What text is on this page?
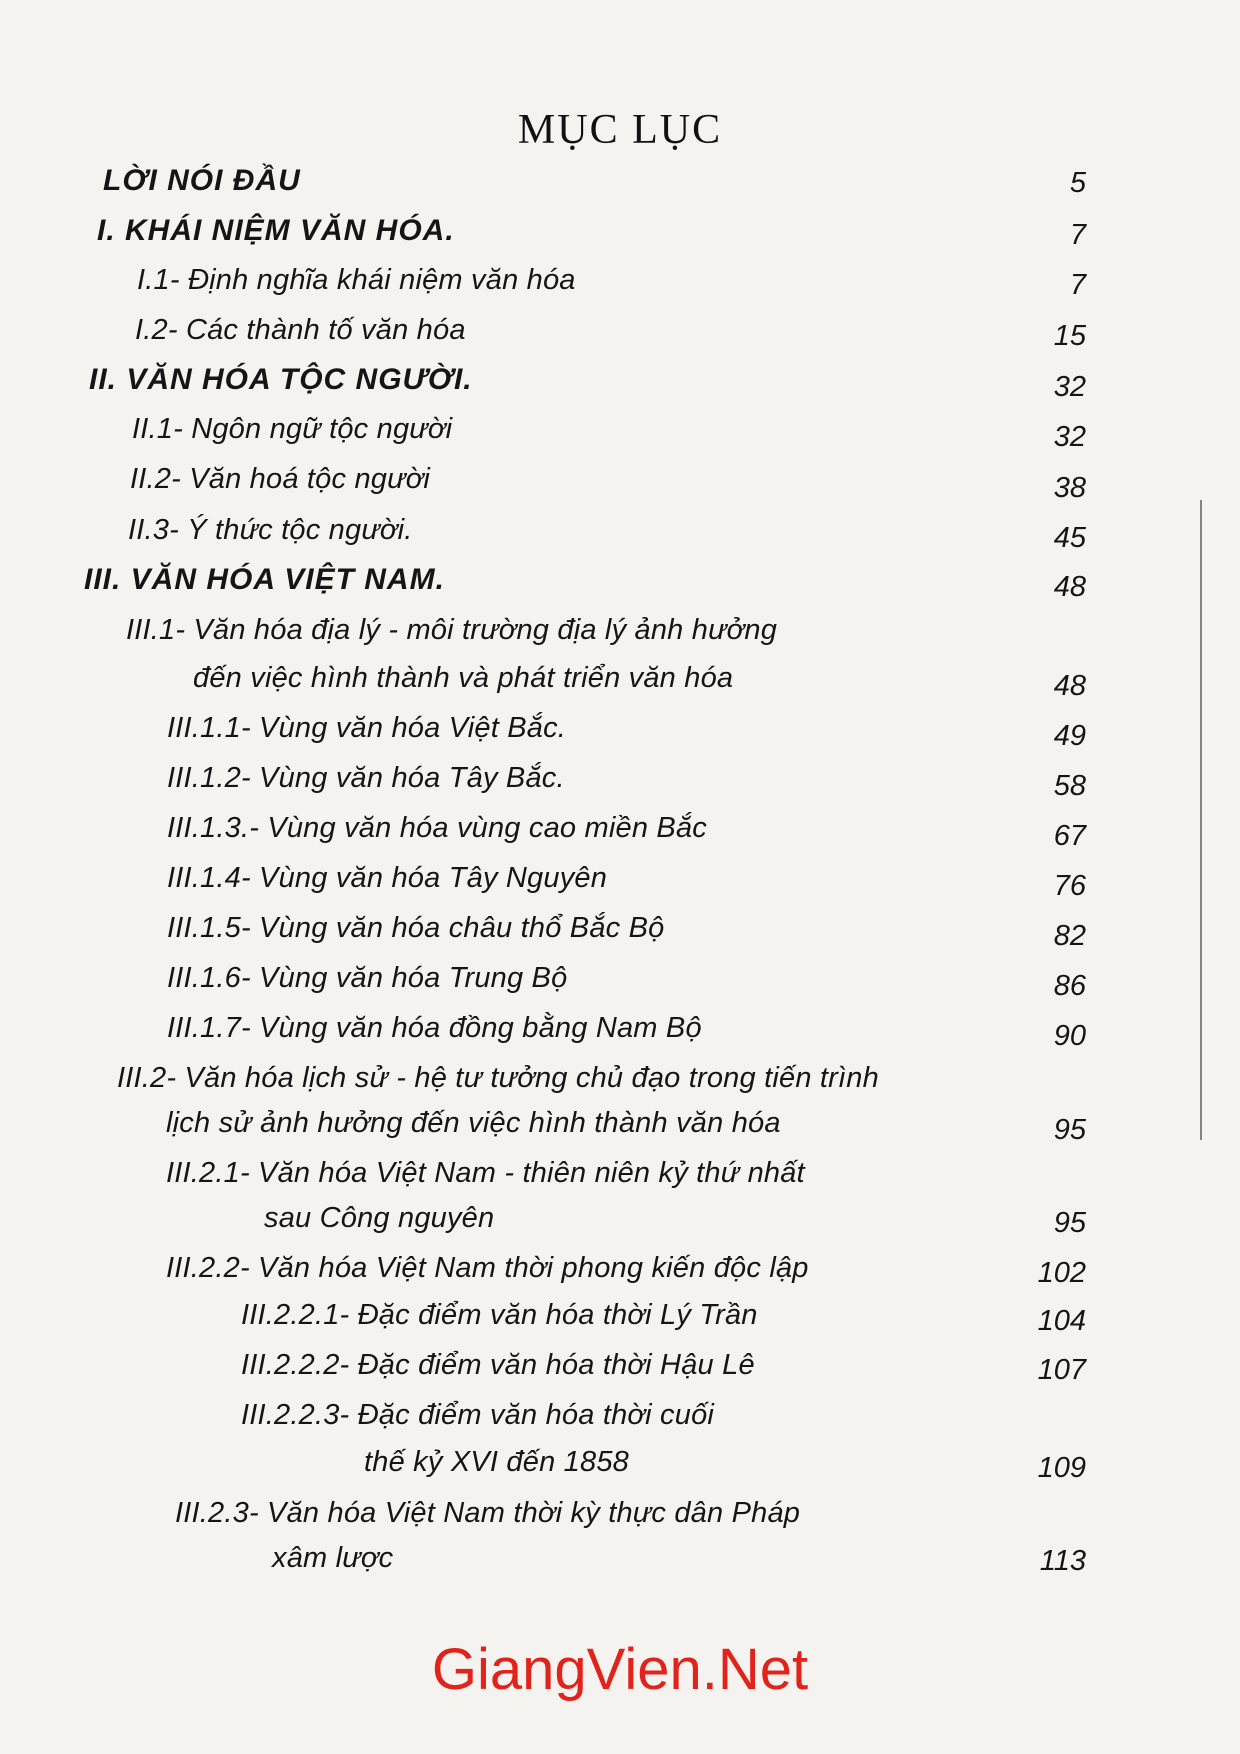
MỤC LỤC
LỜI NÓI ĐẦU	5
I. KHÁI NIỆM VĂN HÓA.	7
I.1- Định nghĩa khái niệm văn hóa	7
I.2- Các thành tố văn hóa	15
II. VĂN HÓA TỘC NGƯỜI.	32
II.1- Ngôn ngữ tộc người	32
II.2- Văn hoá tộc người	38
II.3- Ý thức tộc người.	45
III. VĂN HÓA VIỆT NAM.	48
III.1- Văn hóa địa lý - môi trường địa lý ảnh hưởng
đến việc hình thành và phát triển văn hóa	48
III.1.1- Vùng văn hóa Việt Bắc.	49
III.1.2- Vùng văn hóa Tây Bắc.	58
III.1.3.- Vùng văn hóa vùng cao miền Bắc	67
III.1.4- Vùng văn hóa Tây Nguyên	76
III.1.5- Vùng văn hóa châu thổ Bắc Bộ	82
III.1.6- Vùng văn hóa Trung Bộ	86
III.1.7- Vùng văn hóa đồng bằng Nam Bộ	90
III.2- Văn hóa lịch sử - hệ tư tưởng chủ đạo trong tiến trình
lịch sử ảnh hưởng đến việc hình thành văn hóa	95
III.2.1- Văn hóa Việt Nam - thiên niên kỷ thứ nhất
sau Công nguyên	95
III.2.2- Văn hóa Việt Nam thời phong kiến độc lập	102
III.2.2.1- Đặc điểm văn hóa thời Lý Trần	104
III.2.2.2- Đặc điểm văn hóa thời Hậu Lê	107
III.2.2.3- Đặc điểm văn hóa thời cuối
thế kỷ XVI đến 1858	109
III.2.3- Văn hóa Việt Nam thời kỳ thực dân Pháp
xâm lược	113
GiangVien.Net
